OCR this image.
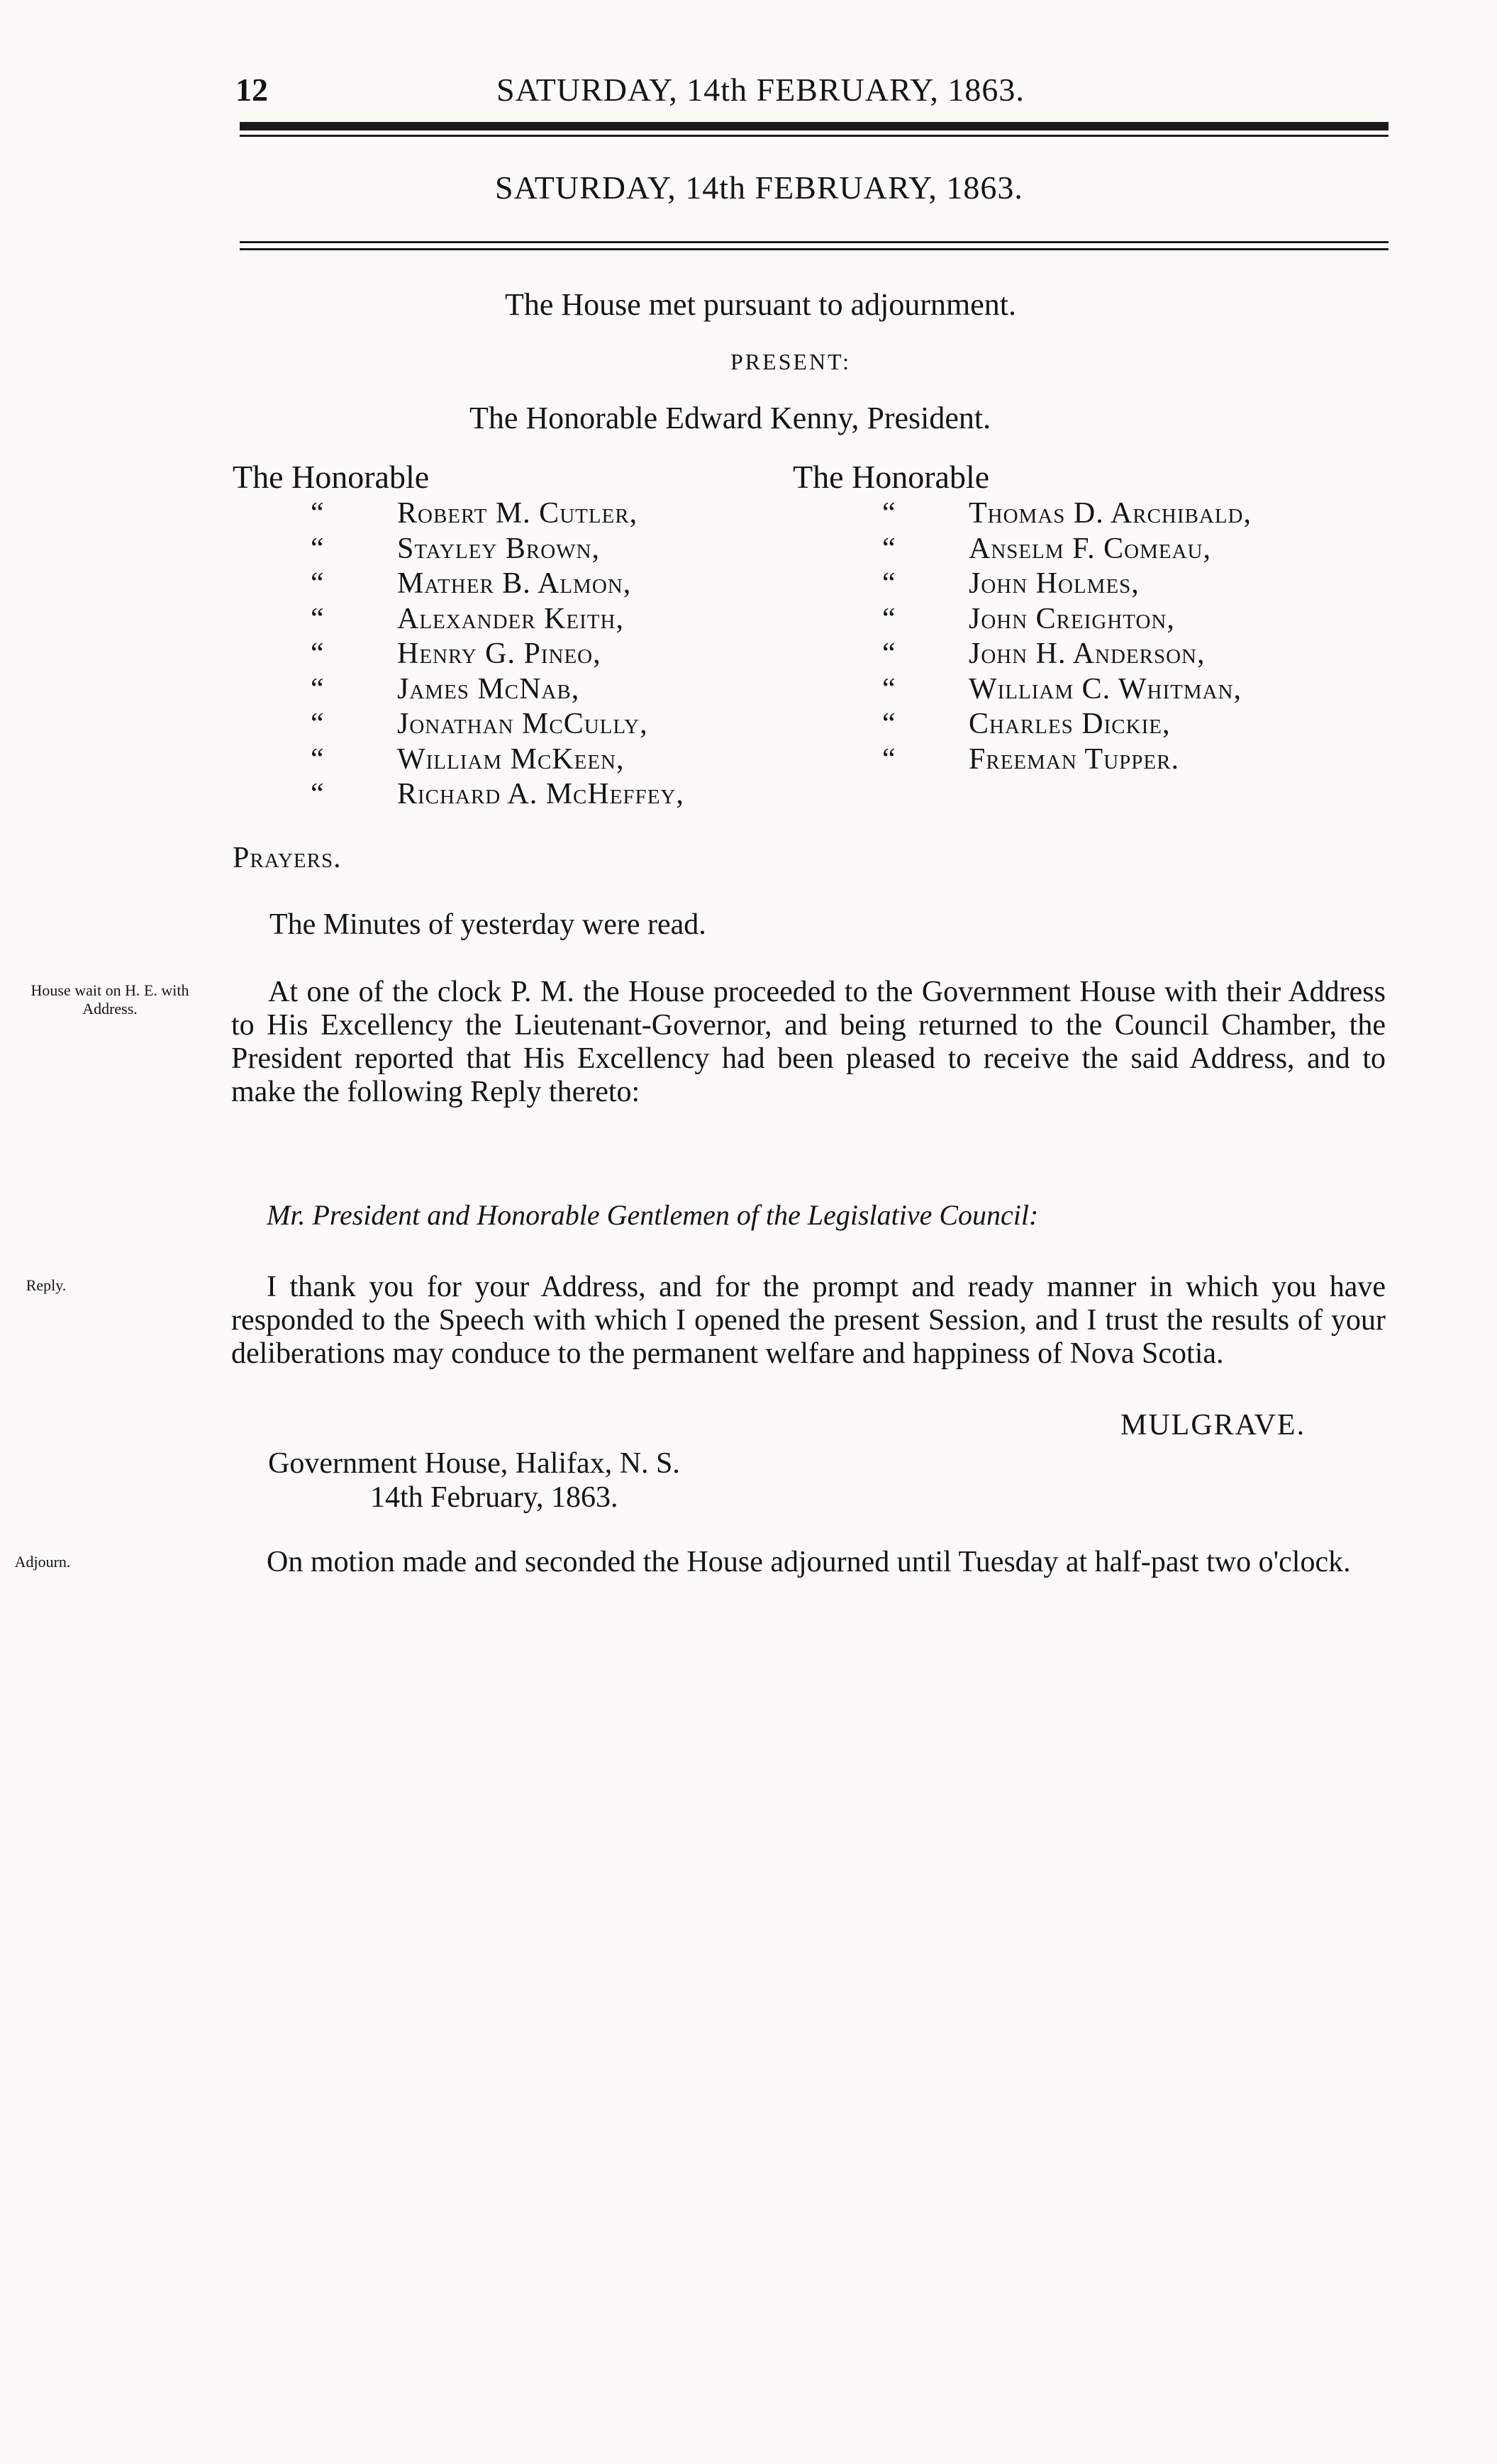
12	SATURDAY, 14th FEBRUARY, 1863.
SATURDAY, 14th FEBRUARY, 1863.
The House met pursuant to adjournment.
PRESENT:
The Honorable Edward Kenny, President.
The Honorable	The Honorable
“ Robert M. Cutler,
“ Stayley Brown,
“ Mather B. Almon,
“ Alexander Keith,
“ Henry G. Pineo,
“ James McNab,
“ Jonathan McCully,
“ William McKeen,
“ Richard A. McHeffey,
“ Thomas D. Archibald,
“ Anselm F. Comeau,
“ John Holmes,
“ John Creighton,
“ John H. Anderson,
“ William C. Whitman,
“ Charles Dickie,
“ Freeman Tupper.
Prayers.
The Minutes of yesterday were read.
House wait on H. E. with Address.
At one of the clock P. M. the House proceeded to the Government House with their Address to His Excellency the Lieutenant-Governor, and being returned to the Council Chamber, the President reported that His Excellency had been pleased to receive the said Address, and to make the following Reply thereto:
Mr. President and Honorable Gentlemen of the Legislative Council:
Reply.	I thank you for your Address, and for the prompt and ready manner in which you have responded to the Speech with which I opened the present Session, and I trust the results of your deliberations may conduce to the permanent welfare and happiness of Nova Scotia.
MULGRAVE.
Government House, Halifax, N. S.
14th February, 1863.
Adjourn.	On motion made and seconded the House adjourned until Tuesday at half-past two o'clock.
